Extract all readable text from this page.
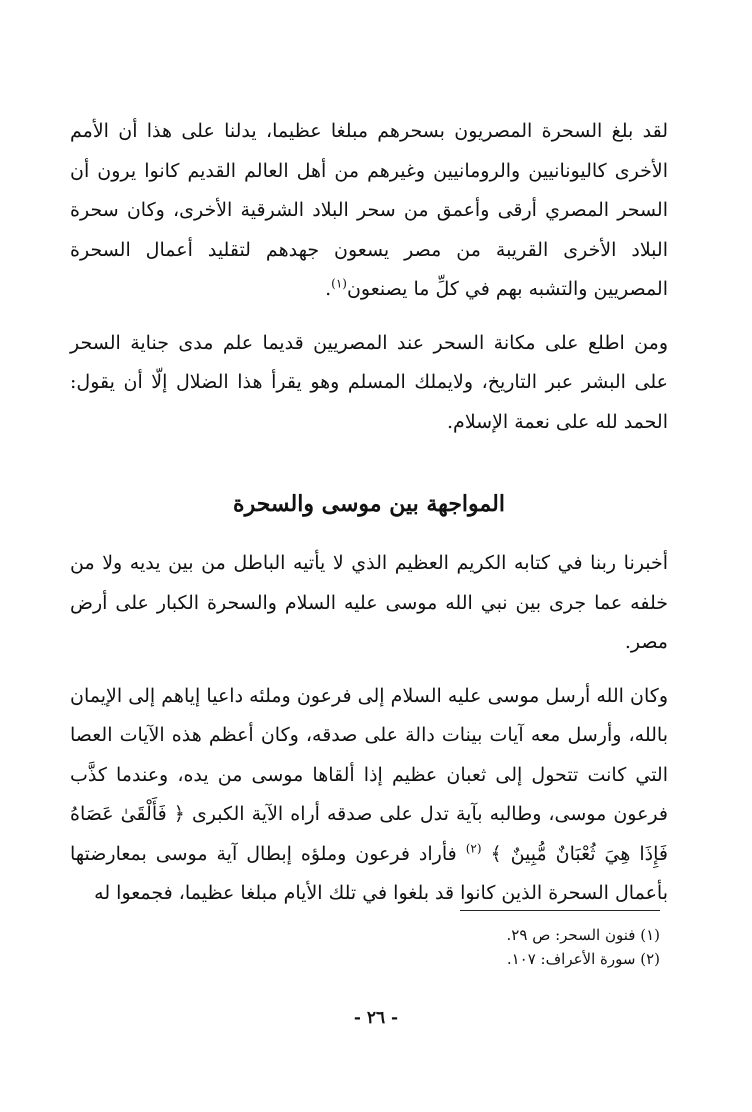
لقد بلغ السحرة المصريون بسحرهم مبلغا عظيما، يدلنا على هذا أن الأمم الأخرى كاليونانيين والرومانيين وغيرهم من أهل العالم القديم كانوا يرون أن السحر المصري أرقى وأعمق من سحر البلاد الشرقية الأخرى، وكان سحرة البلاد الأخرى القريبة من مصر يسعون جهدهم لتقليد أعمال السحرة المصريين والتشبه بهم في كلِّ ما يصنعون$^{(١)}$.

ومن اطلع على مكانة السحر عند المصريين قديما علم مدى جناية السحر على البشر عبر التاريخ، ولايملك المسلم وهو يقرأ هذا الضلال إلّا أن يقول: الحمد لله على نعمة الإسلام.

المواجهة بين موسى والسحرة

أخبرنا ربنا في كتابه الكريم العظيم الذي لا يأتيه الباطل من بين يديه ولا من خلفه عما جرى بين نبي الله موسى عليه السلام والسحرة الكبار على أرض مصر.

وكان الله أرسل موسى عليه السلام إلى فرعون وملئه داعيا إياهم إلى الإيمان بالله، وأرسل معه آيات بينات دالة على صدقه، وكان أعظم هذه الآيات العصا التي كانت تتحول إلى ثعبان عظيم إذا ألقاها موسى من يده، وعندما كذَّب فرعون موسى، وطالبه بآية تدل على صدقه أراه الآية الكبرى ﴿ فَأَلْقَىٰ عَصَاهُ فَإِذَا هِيَ ثُعْبَانٌ مُّبِينٌ ﴾ $^{(٢)}$ فأراد فرعون وملؤه إبطال آية موسى بمعارضتها بأعمال السحرة الذين كانوا قد بلغوا في تلك الأيام مبلغا عظيما، فجمعوا له

(١) فنون السحر: ص ٢٩.

(٢) سورة الأعراف: ١٠٧.

- ٢٦ -
